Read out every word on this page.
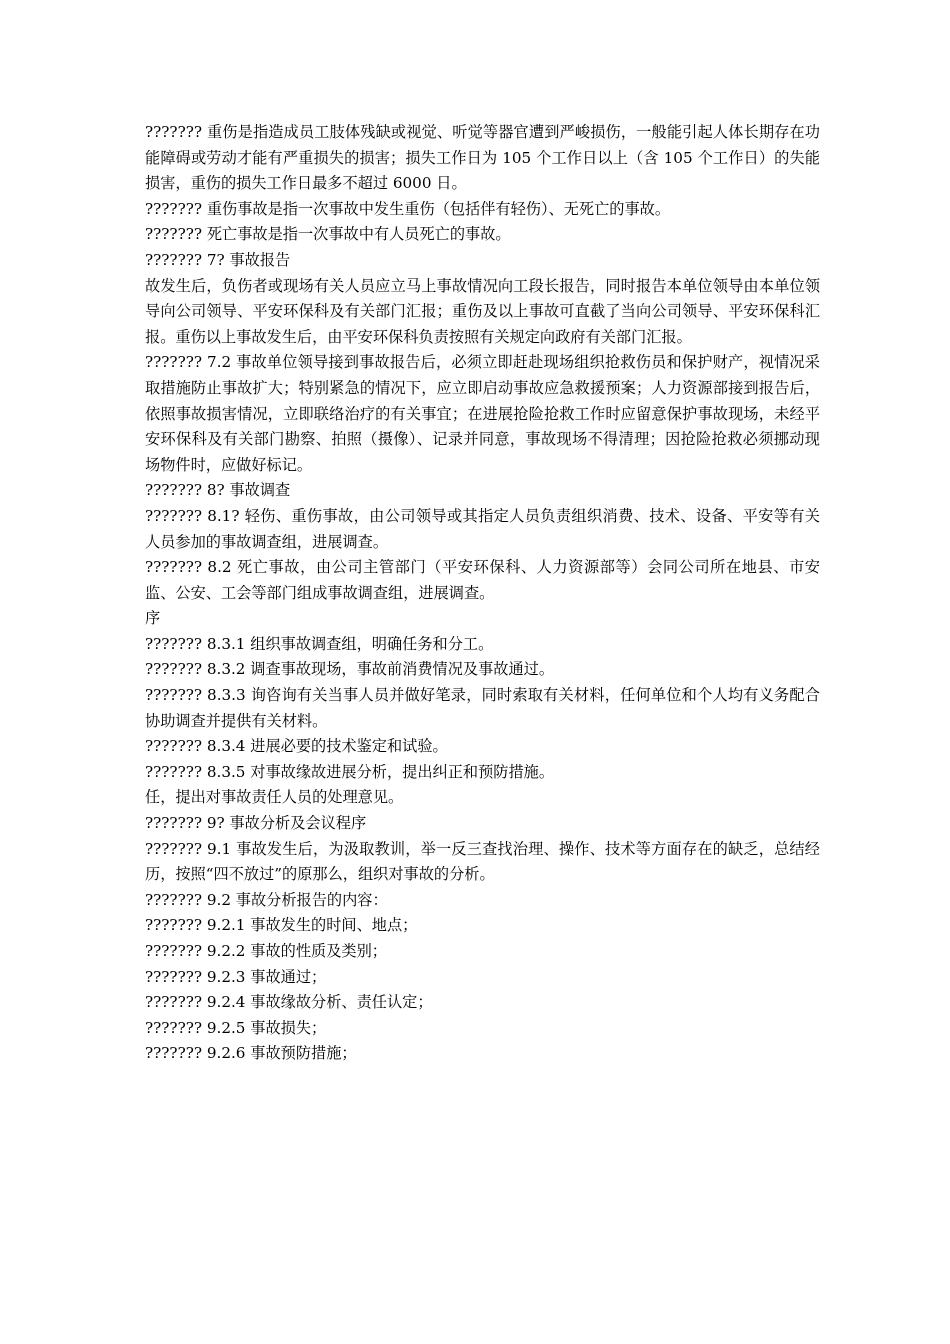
??????? 重伤是指造成员工肢体残缺或视觉、听觉等器官遭到严峻损伤，一般能引起人体长期存在功能障碍或劳动才能有严重损失的损害；损失工作日为 105 个工作日以上（含 105 个工作日）的失能损害，重伤的损失工作日最多不超过 6000 日。

??????? 重伤事故是指一次事故中发生重伤（包括伴有轻伤）、无死亡的事故。

??????? 死亡事故是指一次事故中有人员死亡的事故。

??????? 7? 事故报告

故发生后，负伤者或现场有关人员应立马上事故情况向工段长报告，同时报告本单位领导由本单位领导向公司领导、平安环保科及有关部门汇报；重伤及以上事故可直截了当向公司领导、平安环保科汇报。重伤以上事故发生后，由平安环保科负责按照有关规定向政府有关部门汇报。

??????? 7.2 事故单位领导接到事故报告后，必须立即赶赴现场组织抢救伤员和保护财产，视情况采取措施防止事故扩大；特别紧急的情况下，应立即启动事故应急救援预案；人力资源部接到报告后，依照事故损害情况，立即联络治疗的有关事宜；在进展抢险抢救工作时应留意保护事故现场，未经平安环保科及有关部门勘察、拍照（摄像）、记录并同意，事故现场不得清理；因抢险抢救必须挪动现场物件时，应做好标记。

??????? 8? 事故调查

??????? 8.1? 轻伤、重伤事故，由公司领导或其指定人员负责组织消费、技术、设备、平安等有关人员参加的事故调查组，进展调查。

??????? 8.2 死亡事故，由公司主管部门（平安环保科、人力资源部等）会同公司所在地县、市安监、公安、工会等部门组成事故调查组，进展调查。

序

??????? 8.3.1 组织事故调查组，明确任务和分工。

??????? 8.3.2 调查事故现场，事故前消费情况及事故通过。

??????? 8.3.3 询咨询有关当事人员并做好笔录，同时索取有关材料，任何单位和个人均有义务配合协助调查并提供有关材料。

??????? 8.3.4 进展必要的技术鉴定和试验。

??????? 8.3.5 对事故缘故进展分析，提出纠正和预防措施。

任，提出对事故责任人员的处理意见。

??????? 9? 事故分析及会议程序

??????? 9.1 事故发生后，为汲取教训，举一反三查找治理、操作、技术等方面存在的缺乏，总结经历，按照“四不放过”的原那么，组织对事故的分析。

??????? 9.2 事故分析报告的内容：

??????? 9.2.1 事故发生的时间、地点；

??????? 9.2.2 事故的性质及类别；

??????? 9.2.3 事故通过；

??????? 9.2.4 事故缘故分析、责任认定；

??????? 9.2.5 事故损失；

??????? 9.2.6 事故预防措施；
